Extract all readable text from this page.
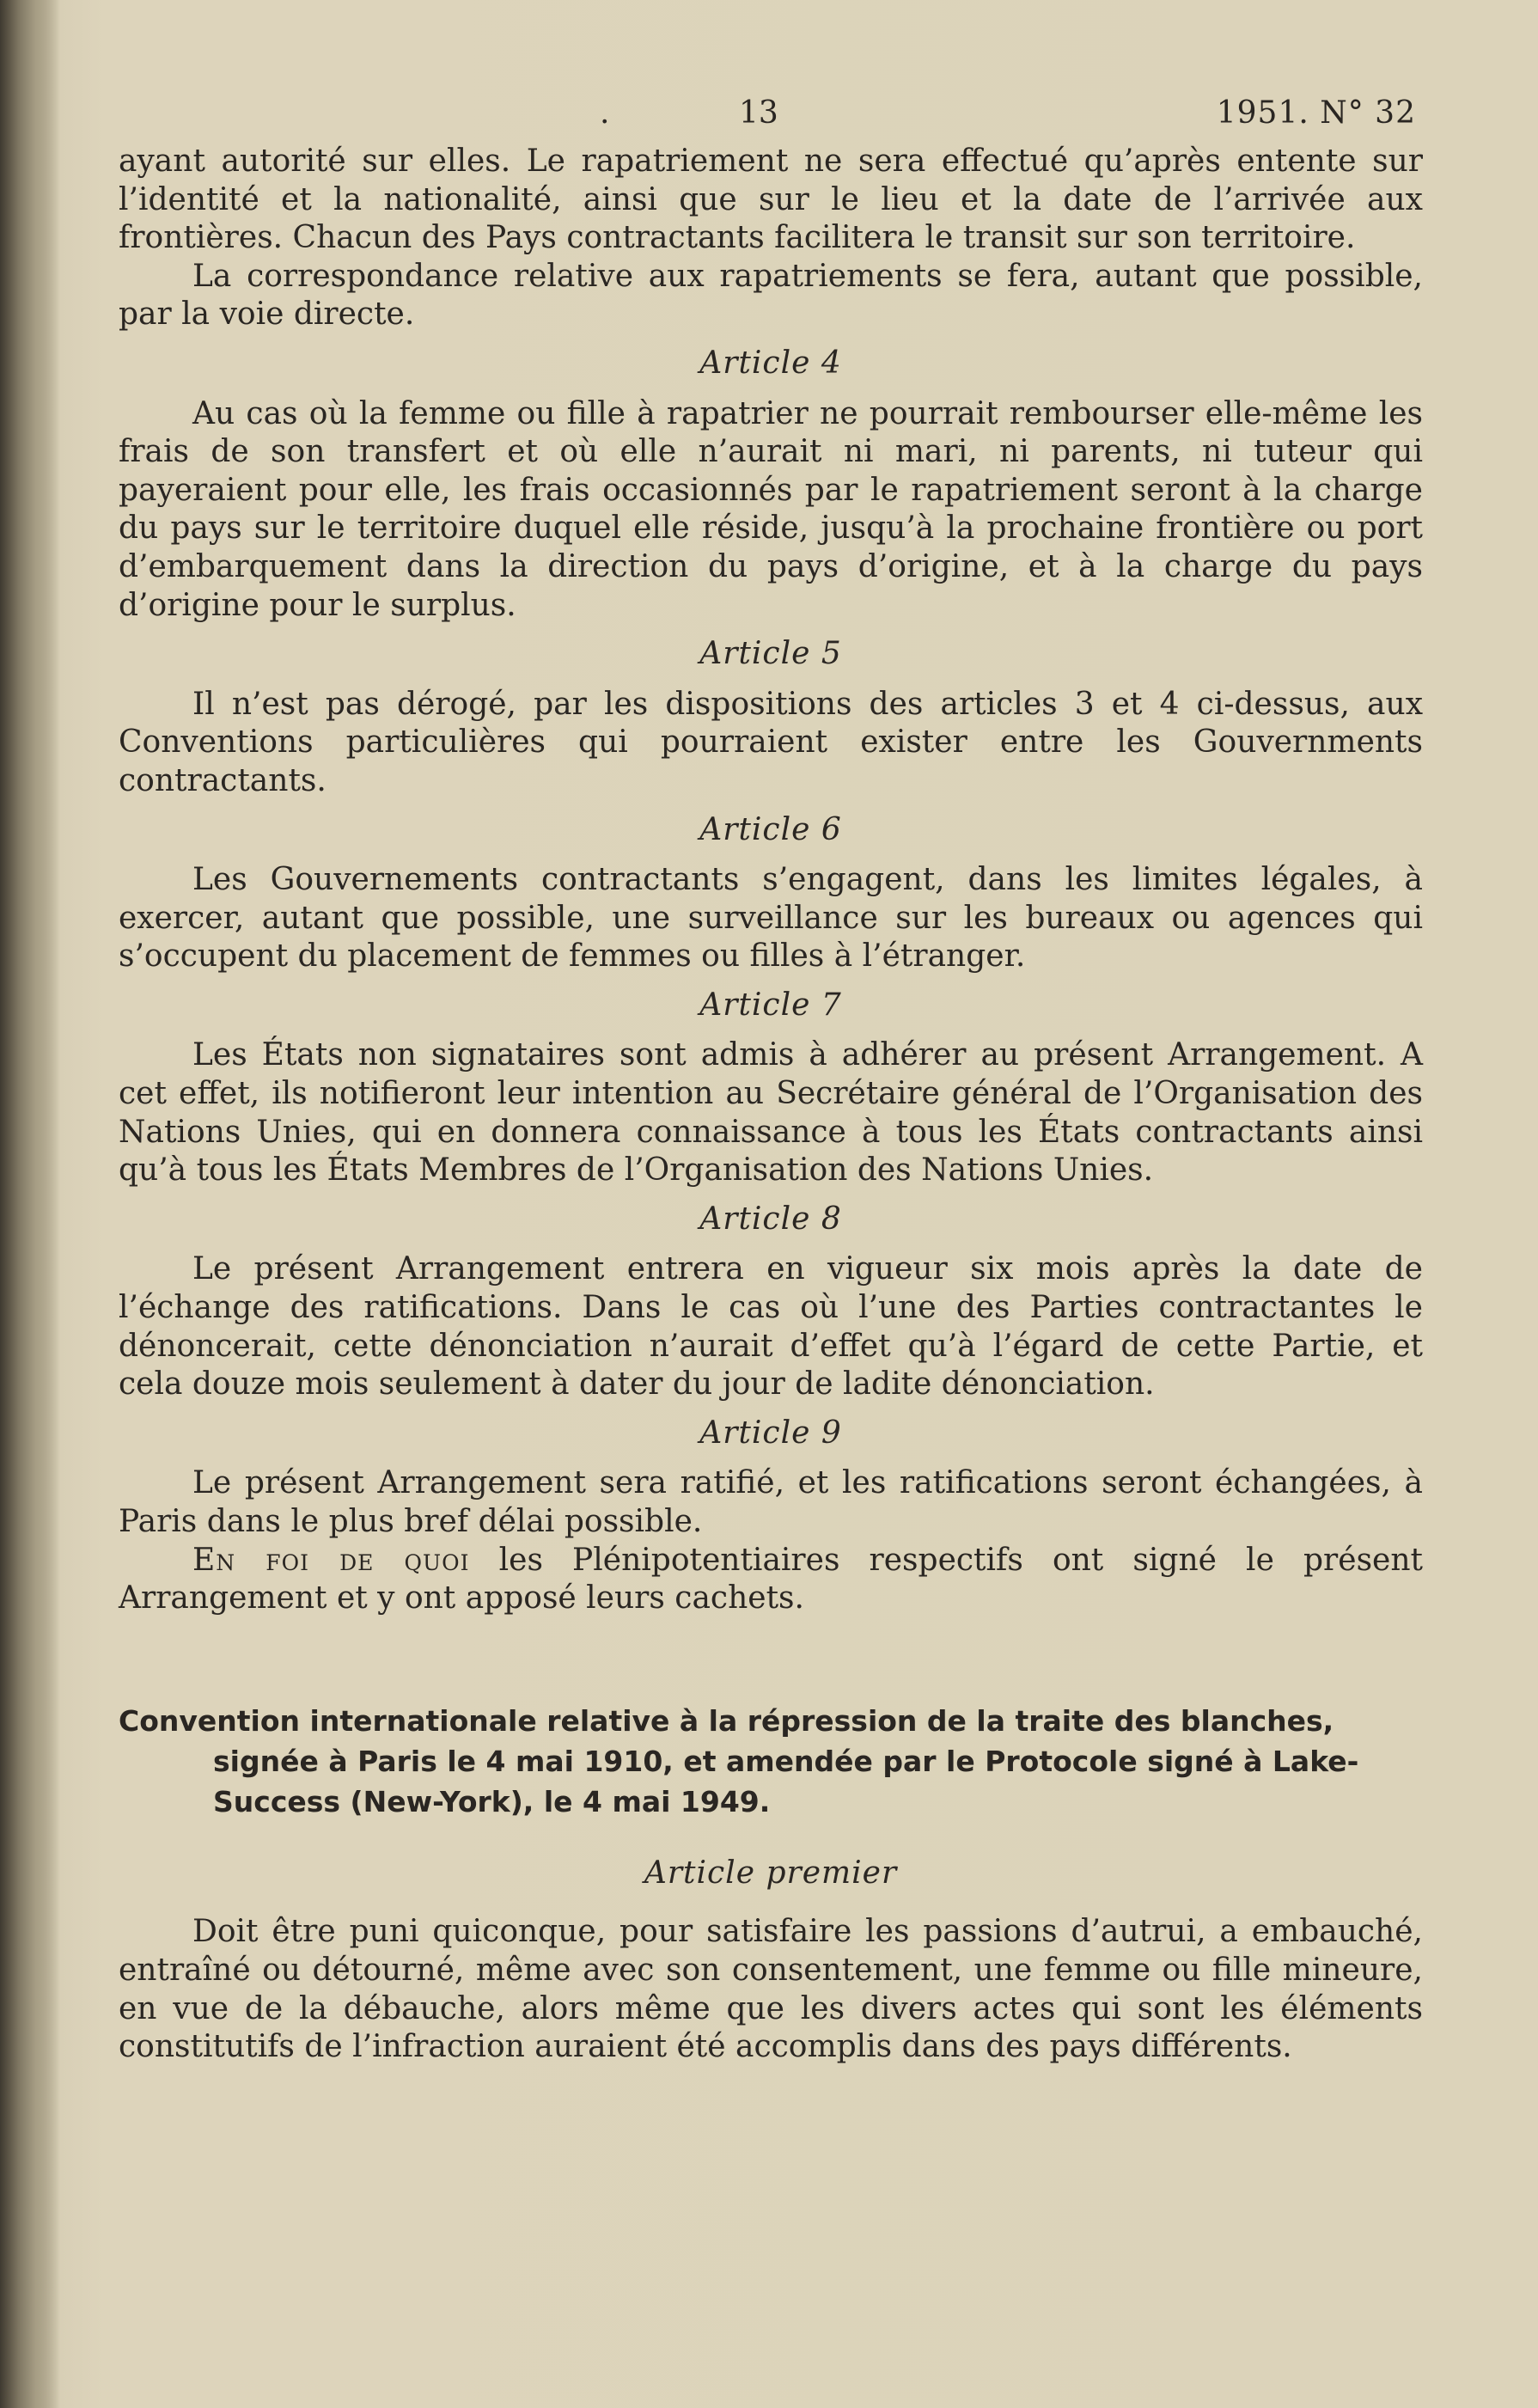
.	13	1951. N° 32

ayant autorité sur elles. Le rapatriement ne sera effectué qu’après entente sur l’identité et la nationalité, ainsi que sur le lieu et la date de l’arrivée aux frontières. Chacun des Pays contractants facilitera le transit sur son territoire.

La correspondance relative aux rapatriements se fera, autant que possible, par la voie directe.

Article 4

Au cas où la femme ou fille à rapatrier ne pourrait rembourser elle-même les frais de son transfert et où elle n’aurait ni mari, ni parents, ni tuteur qui payeraient pour elle, les frais occasionnés par le rapatriement seront à la charge du pays sur le territoire duquel elle réside, jusqu’à la prochaine frontière ou port d’embarquement dans la direction du pays d’origine, et à la charge du pays d’origine pour le surplus.

Article 5

Il n’est pas dérogé, par les dispositions des articles 3 et 4 ci-dessus, aux Conventions particulières qui pourraient exister entre les Gouvernments contractants.

Article 6

Les Gouvernements contractants s’engagent, dans les limites légales, à exercer, autant que possible, une surveillance sur les bureaux ou agences qui s’occupent du placement de femmes ou filles à l’étranger.

Article 7

Les États non signataires sont admis à adhérer au présent Arrangement. A cet effet, ils notifieront leur intention au Secrétaire général de l’Organisation des Nations Unies, qui en donnera connaissance à tous les États contractants ainsi qu’à tous les États Membres de l’Organisation des Nations Unies.

Article 8

Le présent Arrangement entrera en vigueur six mois après la date de l’échange des ratifications. Dans le cas où l’une des Parties contractantes le dénoncerait, cette dénonciation n’aurait d’effet qu’à l’égard de cette Partie, et cela douze mois seulement à dater du jour de ladite dénonciation.

Article 9

Le présent Arrangement sera ratifié, et les ratifications seront échangées, à Paris dans le plus bref délai possible.

En foi de quoi les Plénipotentiaires respectifs ont signé le présent Arrangement et y ont apposé leurs cachets.

Convention internationale relative à la répression de la traite des blanches, signée à Paris le 4 mai 1910, et amendée par le Protocole signé à Lake-Success (New-York), le 4 mai 1949.

Article premier

Doit être puni quiconque, pour satisfaire les passions d’autrui, a embauché, entraîné ou détourné, même avec son consentement, une femme ou fille mineure, en vue de la débauche, alors même que les divers actes qui sont les éléments constitutifs de l’infraction auraient été accomplis dans des pays différents.
